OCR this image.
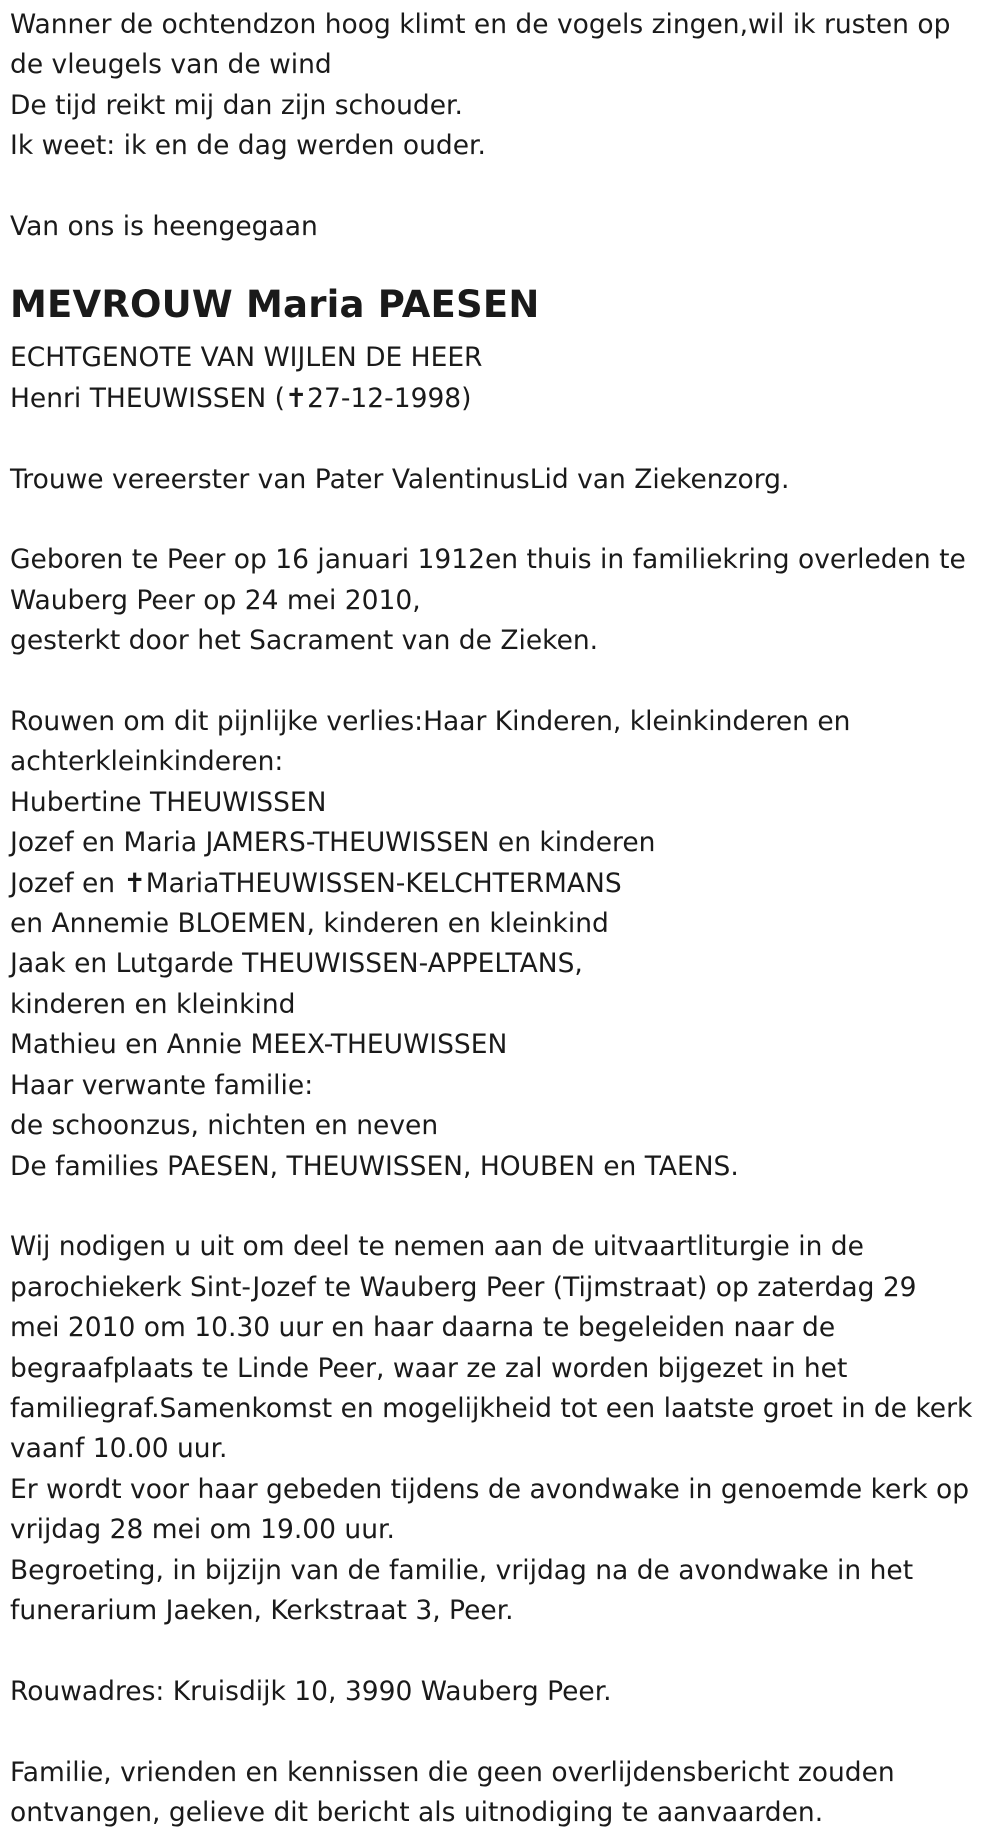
Wanner de ochtendzon hoog klimt en de vogels zingen,wil ik rusten op
de vleugels van de wind
De tijd reikt mij dan zijn schouder.
Ik weet: ik en de dag werden ouder.
Van ons is heengegaan
MEVROUW Maria PAESEN
ECHTGENOTE VAN WIJLEN DE HEER
Henri THEUWISSEN (✝27-12-1998)
Trouwe vereerster van Pater ValentinusLid van Ziekenzorg.
Geboren te Peer op 16 januari 1912en thuis in familiekring overleden te
Wauberg Peer op 24 mei 2010,
gesterkt door het Sacrament van de Zieken.
Rouwen om dit pijnlijke verlies:Haar Kinderen, kleinkinderen en
achterkleinkinderen:
Hubertine THEUWISSEN
Jozef en Maria JAMERS-THEUWISSEN en kinderen
Jozef en ✝MariaTHEUWISSEN-KELCHTERMANS
en Annemie BLOEMEN, kinderen en kleinkind
Jaak en Lutgarde THEUWISSEN-APPELTANS,
kinderen en kleinkind
Mathieu en Annie MEEX-THEUWISSEN
Haar verwante familie:
de schoonzus, nichten en neven
De families PAESEN, THEUWISSEN, HOUBEN en TAENS.
Wij nodigen u uit om deel te nemen aan de uitvaartliturgie in de
parochiekerk Sint-Jozef te Wauberg Peer (Tijmstraat) op zaterdag 29
mei 2010 om 10.30 uur en haar daarna te begeleiden naar de
begraafplaats te Linde Peer, waar ze zal worden bijgezet in het
familiegraf.Samenkomst en mogelijkheid tot een laatste groet in de kerk
vaanf 10.00 uur.
Er wordt voor haar gebeden tijdens de avondwake in genoemde kerk op
vrijdag 28 mei om 19.00 uur.
Begroeting, in bijzijn van de familie, vrijdag na de avondwake in het
funerarium Jaeken, Kerkstraat 3, Peer.
Rouwadres: Kruisdijk 10, 3990 Wauberg Peer.
Familie, vrienden en kennissen die geen overlijdensbericht zouden
ontvangen, gelieve dit bericht als uitnodiging te aanvaarden.
